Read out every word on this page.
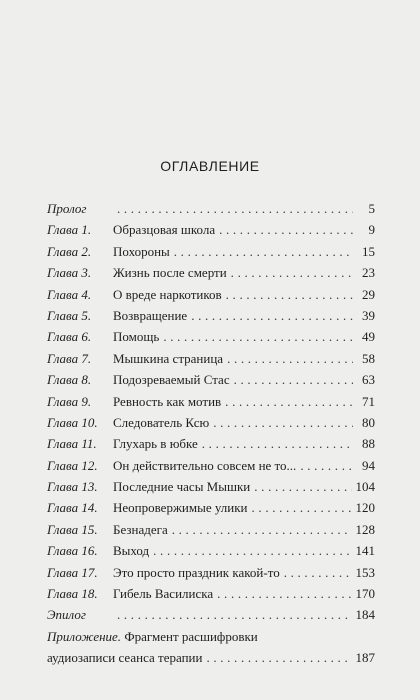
ОГЛАВЛЕНИЕ
Пролог . . .	5
Глава 1.	Образцовая школа . . .	9
Глава 2.	Похороны . . .	15
Глава 3.	Жизнь после смерти . . .	23
Глава 4.	О вреде наркотиков . . .	29
Глава 5.	Возвращение . . .	39
Глава 6.	Помощь . . .	49
Глава 7.	Мышкина страница . . .	58
Глава 8.	Подозреваемый Стас . . .	63
Глава 9.	Ревность как мотив . . .	71
Глава 10.	Следователь Ксю . . .	80
Глава 11.	Глухарь в юбке . . .	88
Глава 12.	Он действительно совсем не то... . . .	94
Глава 13.	Последние часы Мышки . . .	104
Глава 14.	Неопровержимые улики . . .	120
Глава 15.	Безнадега . . .	128
Глава 16.	Выход . . .	141
Глава 17.	Это просто праздник какой-то . . .	153
Глава 18.	Гибель Василиска . . .	170
Эпилог . . .	184
Приложение. Фрагмент расшифровки
аудиозаписи сеанса терапии . . .	187
